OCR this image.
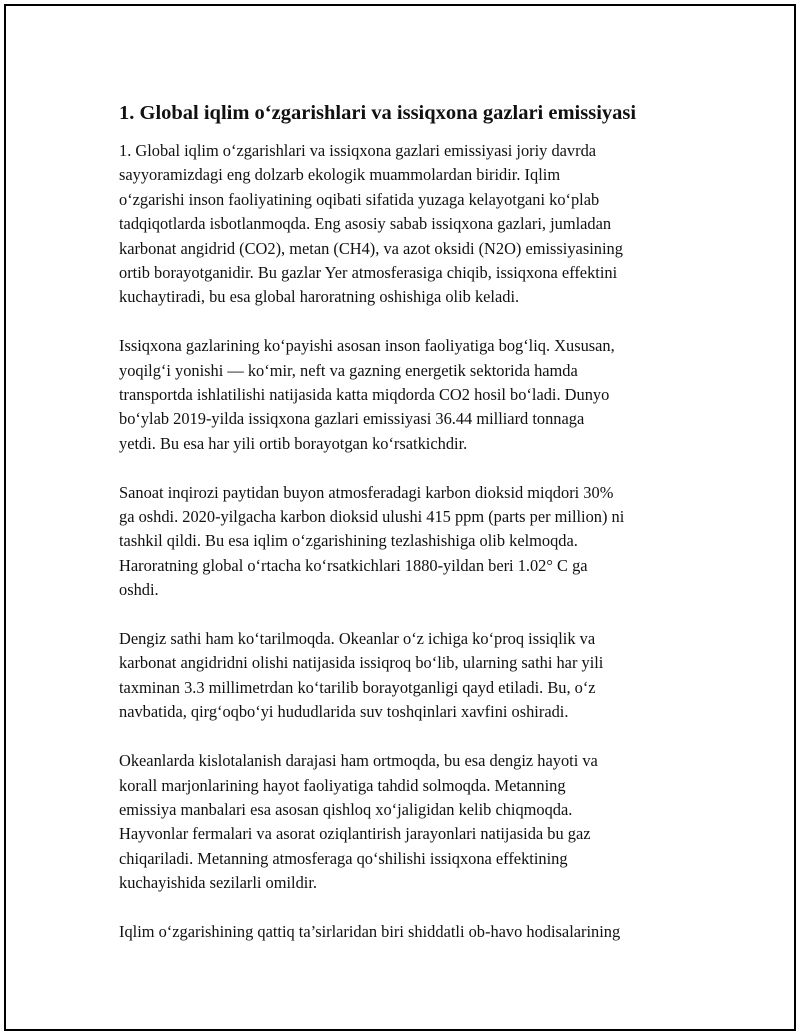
1. Global iqlim o‘zgarishlari va issiqxona gazlari emissiyasi

1. Global iqlim o‘zgarishlari va issiqxona gazlari emissiyasi joriy davrda
sayyoramizdagi eng dolzarb ekologik muammolardan biridir. Iqlim
o‘zgarishi inson faoliyatining oqibati sifatida yuzaga kelayotgani ko‘plab
tadqiqotlarda isbotlanmoqda. Eng asosiy sabab issiqxona gazlari, jumladan
karbonat angidrid (CO2), metan (CH4), va azot oksidi (N2O) emissiyasining
ortib borayotganidir. Bu gazlar Yer atmosferasiga chiqib, issiqxona effektini
kuchaytiradi, bu esa global haroratning oshishiga olib keladi.

Issiqxona gazlarining ko‘payishi asosan inson faoliyatiga bog‘liq. Xususan,
yoqilg‘i yonishi — ko‘mir, neft va gazning energetik sektorida hamda
transportda ishlatilishi natijasida katta miqdorda CO2 hosil bo‘ladi. Dunyo
bo‘ylab 2019-yilda issiqxona gazlari emissiyasi 36.44 milliard tonnaga
yetdi. Bu esa har yili ortib borayotgan ko‘rsatkichdir.

Sanoat inqirozi paytidan buyon atmosferadagi karbon dioksid miqdori 30%
ga oshdi. 2020-yilgacha karbon dioksid ulushi 415 ppm (parts per million) ni
tashkil qildi. Bu esa iqlim o‘zgarishining tezlashishiga olib kelmoqda.
Haroratning global o‘rtacha ko‘rsatkichlari 1880-yildan beri 1.02° C ga
oshdi.

Dengiz sathi ham ko‘tarilmoqda. Okeanlar o‘z ichiga ko‘proq issiqlik va
karbonat angidridni olishi natijasida issiqroq bo‘lib, ularning sathi har yili
taxminan 3.3 millimetrdan ko‘tarilib borayotganligi qayd etiladi. Bu, o‘z
navbatida, qirg‘oqbo‘yi hududlarida suv toshqinlari xavfini oshiradi.

Okeanlarda kislotalanish darajasi ham ortmoqda, bu esa dengiz hayoti va
korall marjonlarining hayot faoliyatiga tahdid solmoqda. Metanning
emissiya manbalari esa asosan qishloq xo‘jaligidan kelib chiqmoqda.
Hayvonlar fermalari va asorat oziqlantirish jarayonlari natijasida bu gaz
chiqariladi. Metanning atmosferaga qo‘shilishi issiqxona effektining
kuchayishida sezilarli omildir.

Iqlim o‘zgarishining qattiq ta’sirlaridan biri shiddatli ob-havo hodisalarining
